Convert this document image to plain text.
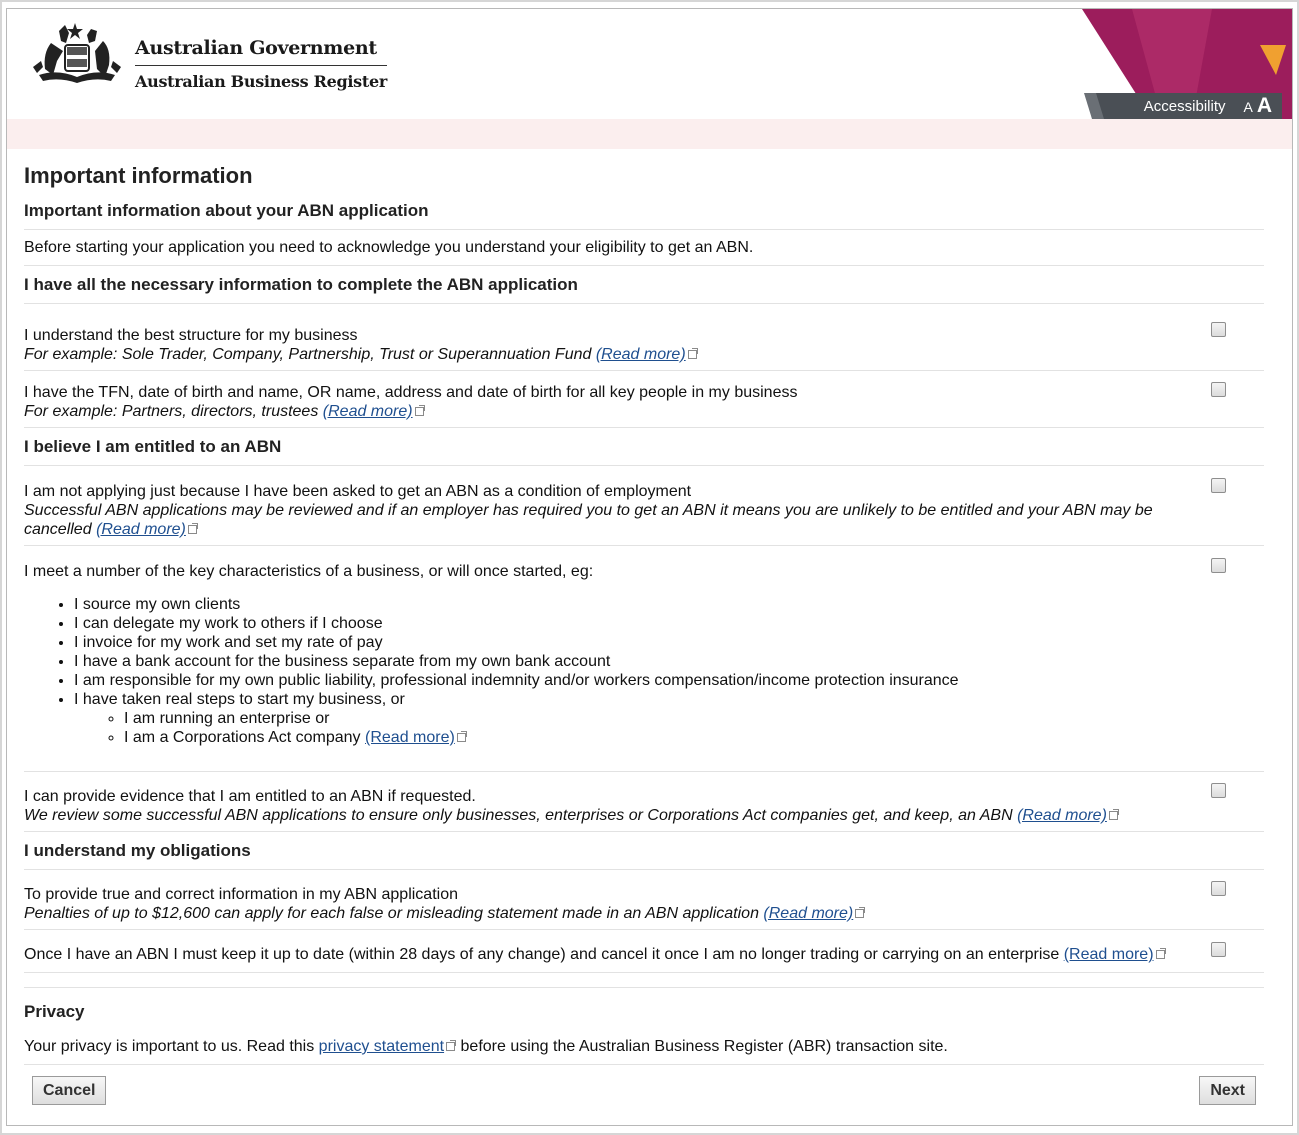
Australian Government
Australian Business Register
Accessibility A A
Important information
Important information about your ABN application
Before starting your application you need to acknowledge you understand your eligibility to get an ABN.
I have all the necessary information to complete the ABN application
I understand the best structure for my business
For example: Sole Trader, Company, Partnership, Trust or Superannuation Fund (Read more)
I have the TFN, date of birth and name, OR name, address and date of birth for all key people in my business
For example: Partners, directors, trustees (Read more)
I believe I am entitled to an ABN
I am not applying just because I have been asked to get an ABN as a condition of employment
Successful ABN applications may be reviewed and if an employer has required you to get an ABN it means you are unlikely to be entitled and your ABN may be cancelled (Read more)
I meet a number of the key characteristics of a business, or will once started, eg:
• I source my own clients
• I can delegate my work to others if I choose
• I invoice for my work and set my rate of pay
• I have a bank account for the business separate from my own bank account
• I am responsible for my own public liability, professional indemnity and/or workers compensation/income protection insurance
• I have taken real steps to start my business, or
◦ I am running an enterprise or
◦ I am a Corporations Act company (Read more)
I can provide evidence that I am entitled to an ABN if requested.
We review some successful ABN applications to ensure only businesses, enterprises or Corporations Act companies get, and keep, an ABN (Read more)
I understand my obligations
To provide true and correct information in my ABN application
Penalties of up to $12,600 can apply for each false or misleading statement made in an ABN application (Read more)
Once I have an ABN I must keep it up to date (within 28 days of any change) and cancel it once I am no longer trading or carrying on an enterprise (Read more)
Privacy
Your privacy is important to us. Read this privacy statement before using the Australian Business Register (ABR) transaction site.
Cancel	Next
